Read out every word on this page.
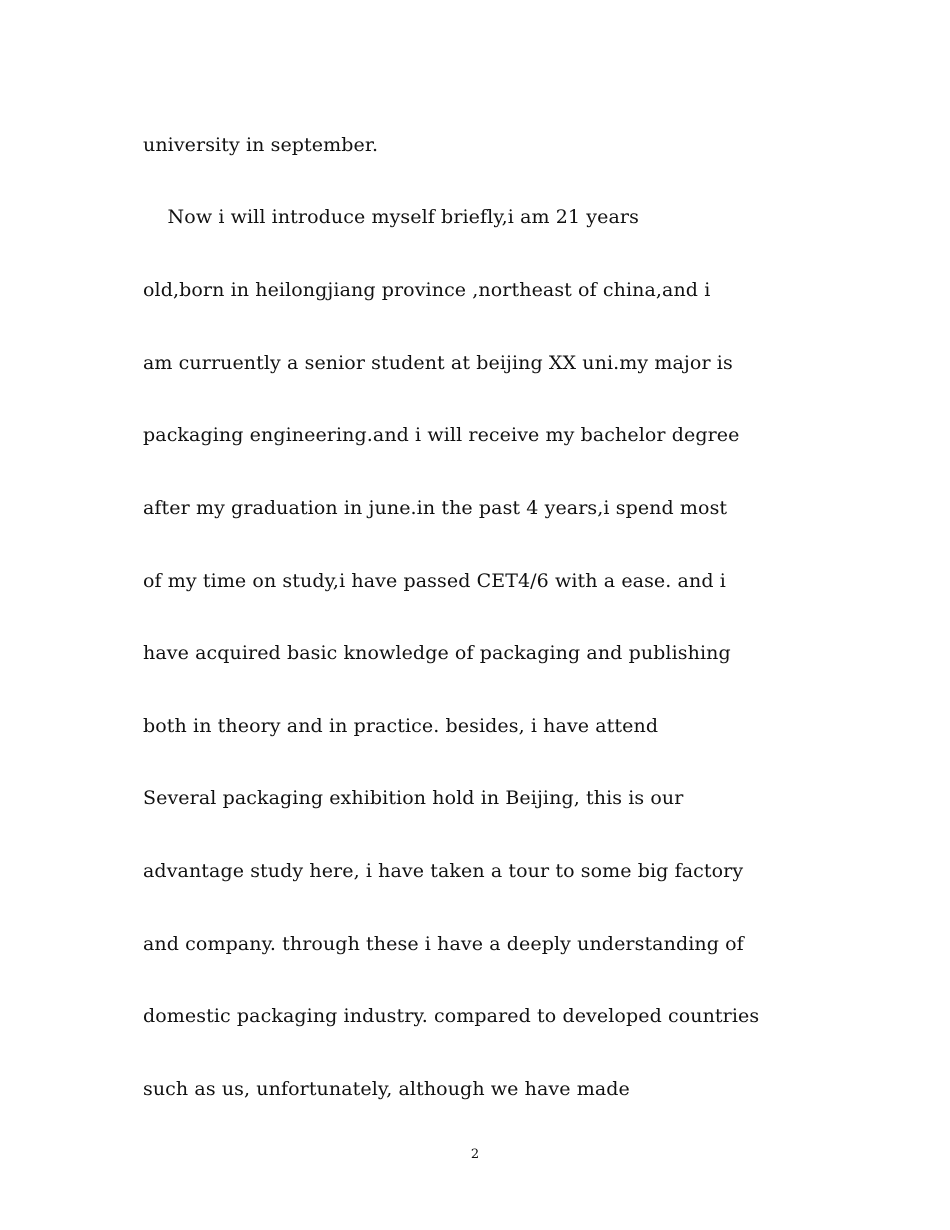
university in september.
Now i will introduce myself briefly,i am 21 years
old,born in heilongjiang province ,northeast of china,and i
am curruently a senior student at beijing XX uni.my major is
packaging engineering.and i will receive my bachelor degree
after my graduation in june.in the past 4 years,i spend most
of my time on study,i have passed CET4/6 with a ease. and i
have acquired basic knowledge of packaging and publishing
both in theory and in practice. besides, i have attend
Several packaging exhibition hold in Beijing, this is our
advantage study here, i have taken a tour to some big factory
and company. through these i have a deeply understanding of
domestic packaging industry. compared to developed countries
such as us, unfortunately, although we have made
2
